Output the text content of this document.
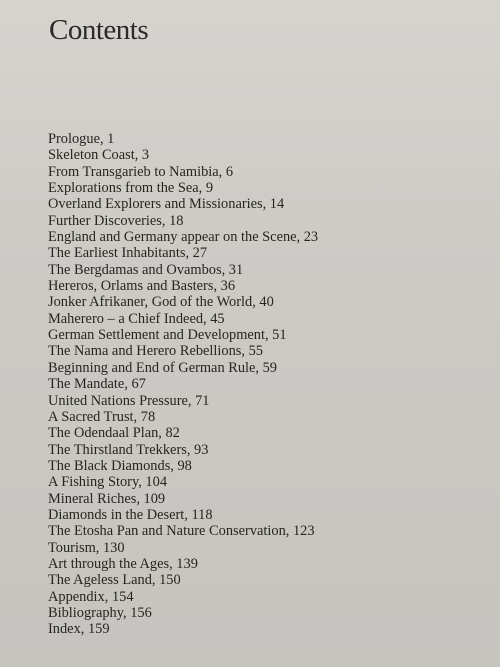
Contents
Prologue, 1
Skeleton Coast, 3
From Transgarieb to Namibia, 6
Explorations from the Sea, 9
Overland Explorers and Missionaries, 14
Further Discoveries, 18
England and Germany appear on the Scene, 23
The Earliest Inhabitants, 27
The Bergdamas and Ovambos, 31
Hereros, Orlams and Basters, 36
Jonker Afrikaner, God of the World, 40
Maherero – a Chief Indeed, 45
German Settlement and Development, 51
The Nama and Herero Rebellions, 55
Beginning and End of German Rule, 59
The Mandate, 67
United Nations Pressure, 71
A Sacred Trust, 78
The Odendaal Plan, 82
The Thirstland Trekkers, 93
The Black Diamonds, 98
A Fishing Story, 104
Mineral Riches, 109
Diamonds in the Desert, 118
The Etosha Pan and Nature Conservation, 123
Tourism, 130
Art through the Ages, 139
The Ageless Land, 150
Appendix, 154
Bibliography, 156
Index, 159
